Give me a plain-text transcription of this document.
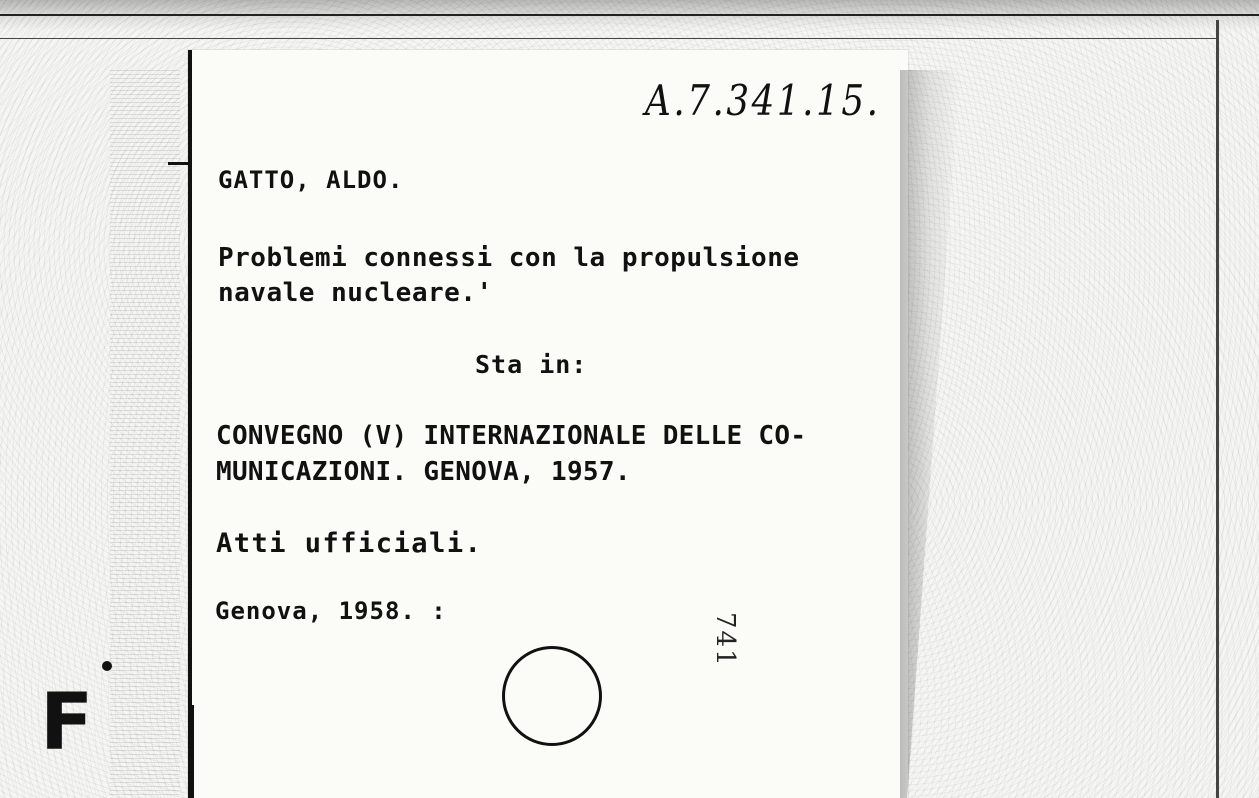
A.7.341.15.
GATTO, ALDO.
Problemi connessi con la propulsione
navale nucleare.'
Sta in:
CONVEGNO (V) INTERNAZIONALE DELLE CO-
MUNICAZIONI. GENOVA, 1957.
Atti ufficiali.
Genova, 1958. :
741
F
